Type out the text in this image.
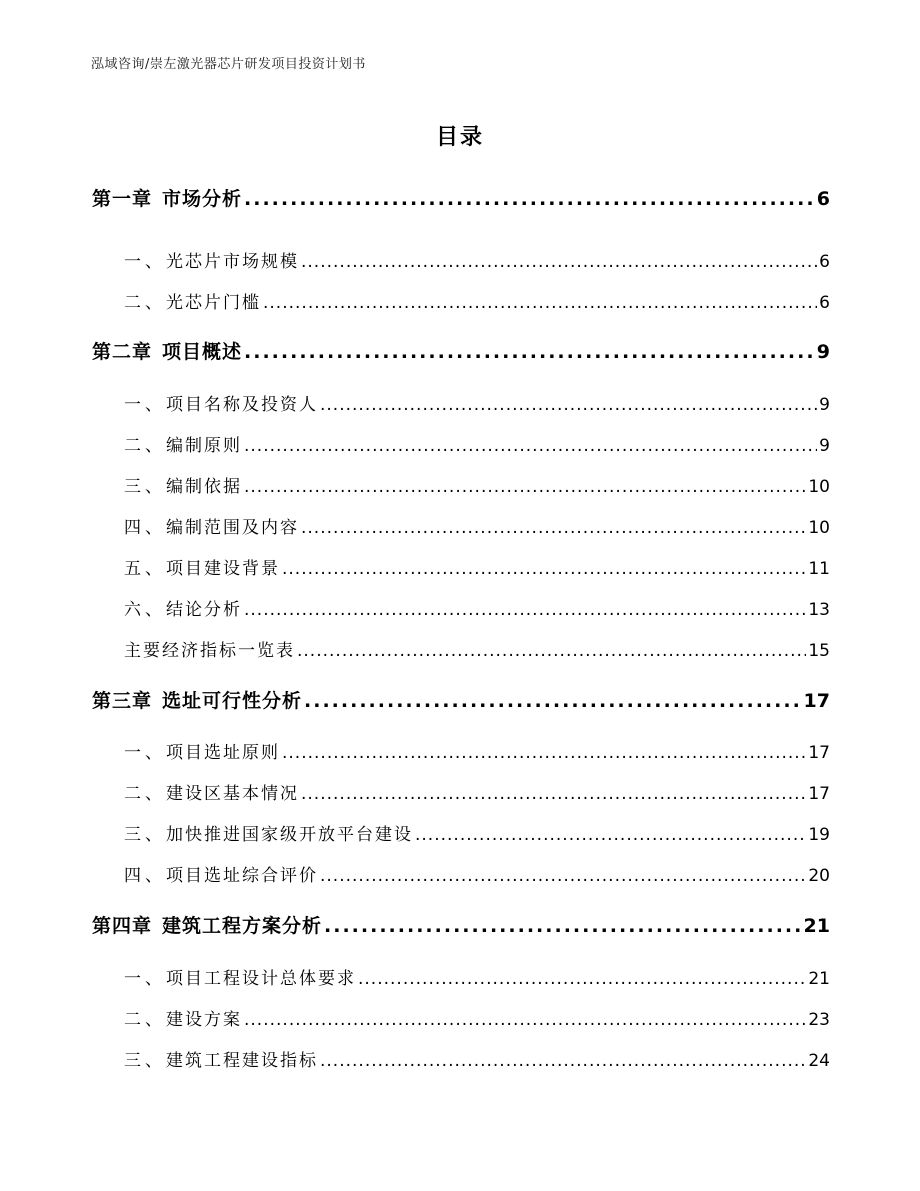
泓域咨询/崇左激光器芯片研发项目投资计划书
目录
第一章 市场分析 .....	6
一、 光芯片市场规模 .....	6
二、 光芯片门槛 .....	6
第二章 项目概述 .....	9
一、 项目名称及投资人 .....	9
二、 编制原则 .....	9
三、 编制依据 .....	10
四、 编制范围及内容 .....	10
五、 项目建设背景 .....	11
六、 结论分析 .....	13
主要经济指标一览表 .....	15
第三章 选址可行性分析 .....	17
一、 项目选址原则 .....	17
二、 建设区基本情况 .....	17
三、 加快推进国家级开放平台建设 .....	19
四、 项目选址综合评价 .....	20
第四章 建筑工程方案分析 .....	21
一、 项目工程设计总体要求 .....	21
二、 建设方案 .....	23
三、 建筑工程建设指标 .....	24
